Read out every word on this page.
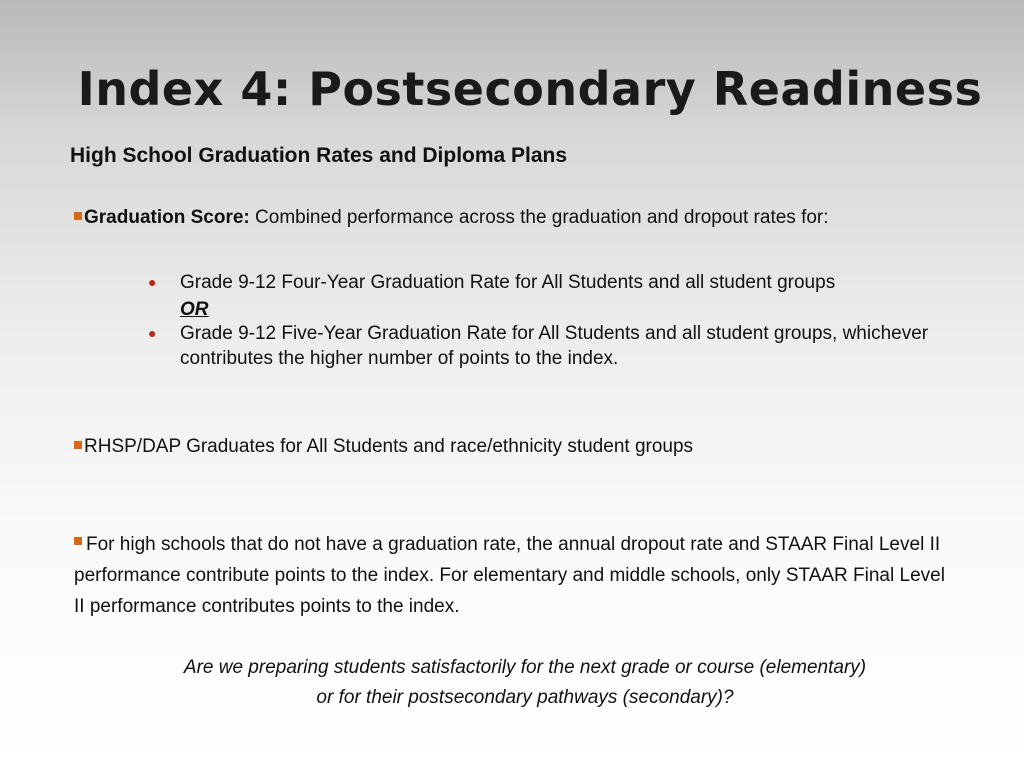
Index 4: Postsecondary Readiness
High School Graduation Rates and Diploma Plans
Graduation Score: Combined performance across the graduation and dropout rates for:
● Grade 9-12 Four-Year Graduation Rate for All Students and all student groups
OR
● Grade 9-12 Five-Year Graduation Rate for All Students and all student groups, whichever contributes the higher number of points to the index.
RHSP/DAP Graduates for All Students and race/ethnicity student groups
For high schools that do not have a graduation rate, the annual dropout rate and STAAR Final Level II performance contribute points to the index. For elementary and middle schools, only STAAR Final Level II performance contributes points to the index.
Are we preparing students satisfactorily for the next grade or course (elementary)
or for their postsecondary pathways (secondary)?
